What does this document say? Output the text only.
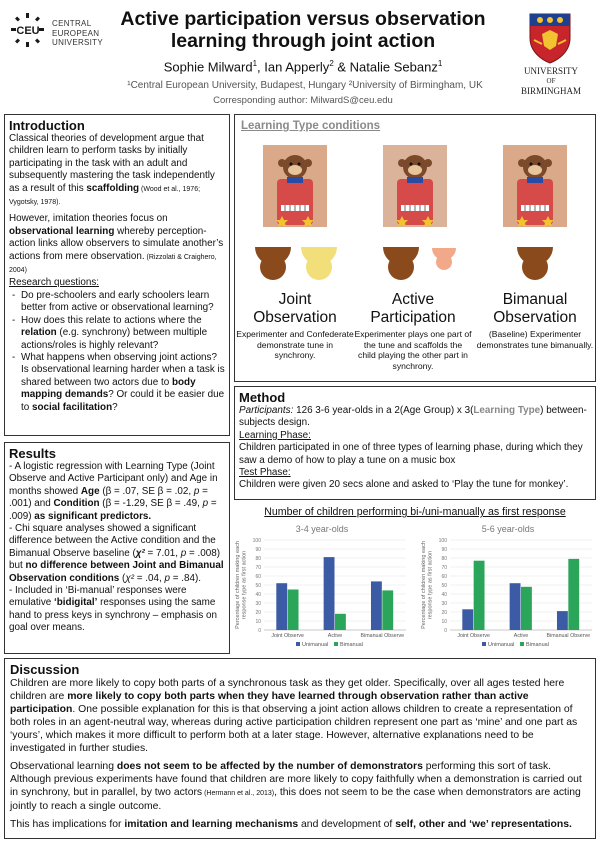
CEU
CENTRAL
EUROPEAN
UNIVERSITY
Active participation versus observation learning through joint action
Sophie Milward$^1$, Ian Apperly$^2$ & Natalie Sebanz$^1$
¹Central European University, Budapest, Hungary ²University of Birmingham, UK
Corresponding author: MilwardS@ceu.edu
UNIVERSITY
OF
BIRMINGHAM
Introduction
Classical theories of development argue that children learn to perform tasks by initially participating in the task with an adult and subsequently mastering the task independently as a result of this scaffolding (Wood et al., 1976; Vygotsky, 1978).
However, imitation theories focus on observational learning whereby perception-action links allow observers to simulate another’s actions from mere observation. (Rizzolati & Craighero, 2004)
Research questions:
- Do pre-schoolers and early schoolers learn better from active or observational learning?
- How does this relate to actions where the relation (e.g. synchrony) between multiple actions/roles is highly relevant?
- What happens when observing joint actions? Is observational learning harder when a task is shared between two actors due to body mapping demands? Or could it be easier due to social facilitation?
Results
- A logistic regression with Learning Type (Joint Observe and Active Participant only) and Age in months showed Age (β = .07, SE β = .02, p = .001) and Condition (β = -1.29, SE β = .49, p = .009) as significant predictors.
- Chi square analyses showed a significant difference between the Active condition and the Bimanual Observe baseline (χ² = 7.01, p = .008) but no difference between Joint and Bimanual Observation conditions (χ² = .04, p = .84).
- Included in ‘Bi-manual’ responses were emulative ‘bidigital’ responses using the same hand to press keys in synchrony – emphasis on goal over means.
Learning Type conditions
Joint Observation
Experimenter and Confederate demonstrate tune in synchrony.
Active Participation
Experimenter plays one part of the tune and scaffolds the child playing the other part in synchrony.
Bimanual Observation
(Baseline) Experimenter demonstrates tune bimanually.
Method
Participants: 126 3-6 year-olds in a 2(Age Group) x 3(Learning Type) between-subjects design.
Learning Phase:
Children participated in one of three types of learning phase, during which they saw a demo of how to play a tune on a music box
Test Phase:
Children were given 20 secs alone and asked to ‘Play the tune for monkey’.
Number of children performing bi-/uni-manually as first response
3-4 year-olds	5-6 year-olds
Percentage of children making eachresponse type as first action
0
10
20
30
40
50
60
70
80
90
100
Joint Observe	Active	Bimanual Observe
Unimanual Bimanual
Percentage of children making eachresponse type as first action
0
10
20
30
40
50
60
70
80
90
100
Joint Observe	Active	Bimanual Observe
Unimanual Bimanual
Discussion
Children are more likely to copy both parts of a synchronous task as they get older. Specifically, over all ages tested here children are more likely to copy both parts when they have learned through observation rather than active participation. One possible explanation for this is that observing a joint action allows children to create a representation of both roles in an agent-neutral way, whereas during active participation children represent one part as ‘mine’ and one part as ‘yours’, which makes it more difficult to perform both at a later stage. However, alternative explanations need to be investigated in further studies.
Observational learning does not seem to be affected by the number of demonstrators performing this sort of task. Although previous experiments have found that children are more likely to copy faithfully when a demonstration is carried out in synchrony, but in parallel, by two actors (Hermann et al., 2013), this does not seem to be the case when demonstrators are acting jointly to reach a single outcome.
This has implications for imitation and learning mechanisms and development of self, other and ‘we’ representations.
